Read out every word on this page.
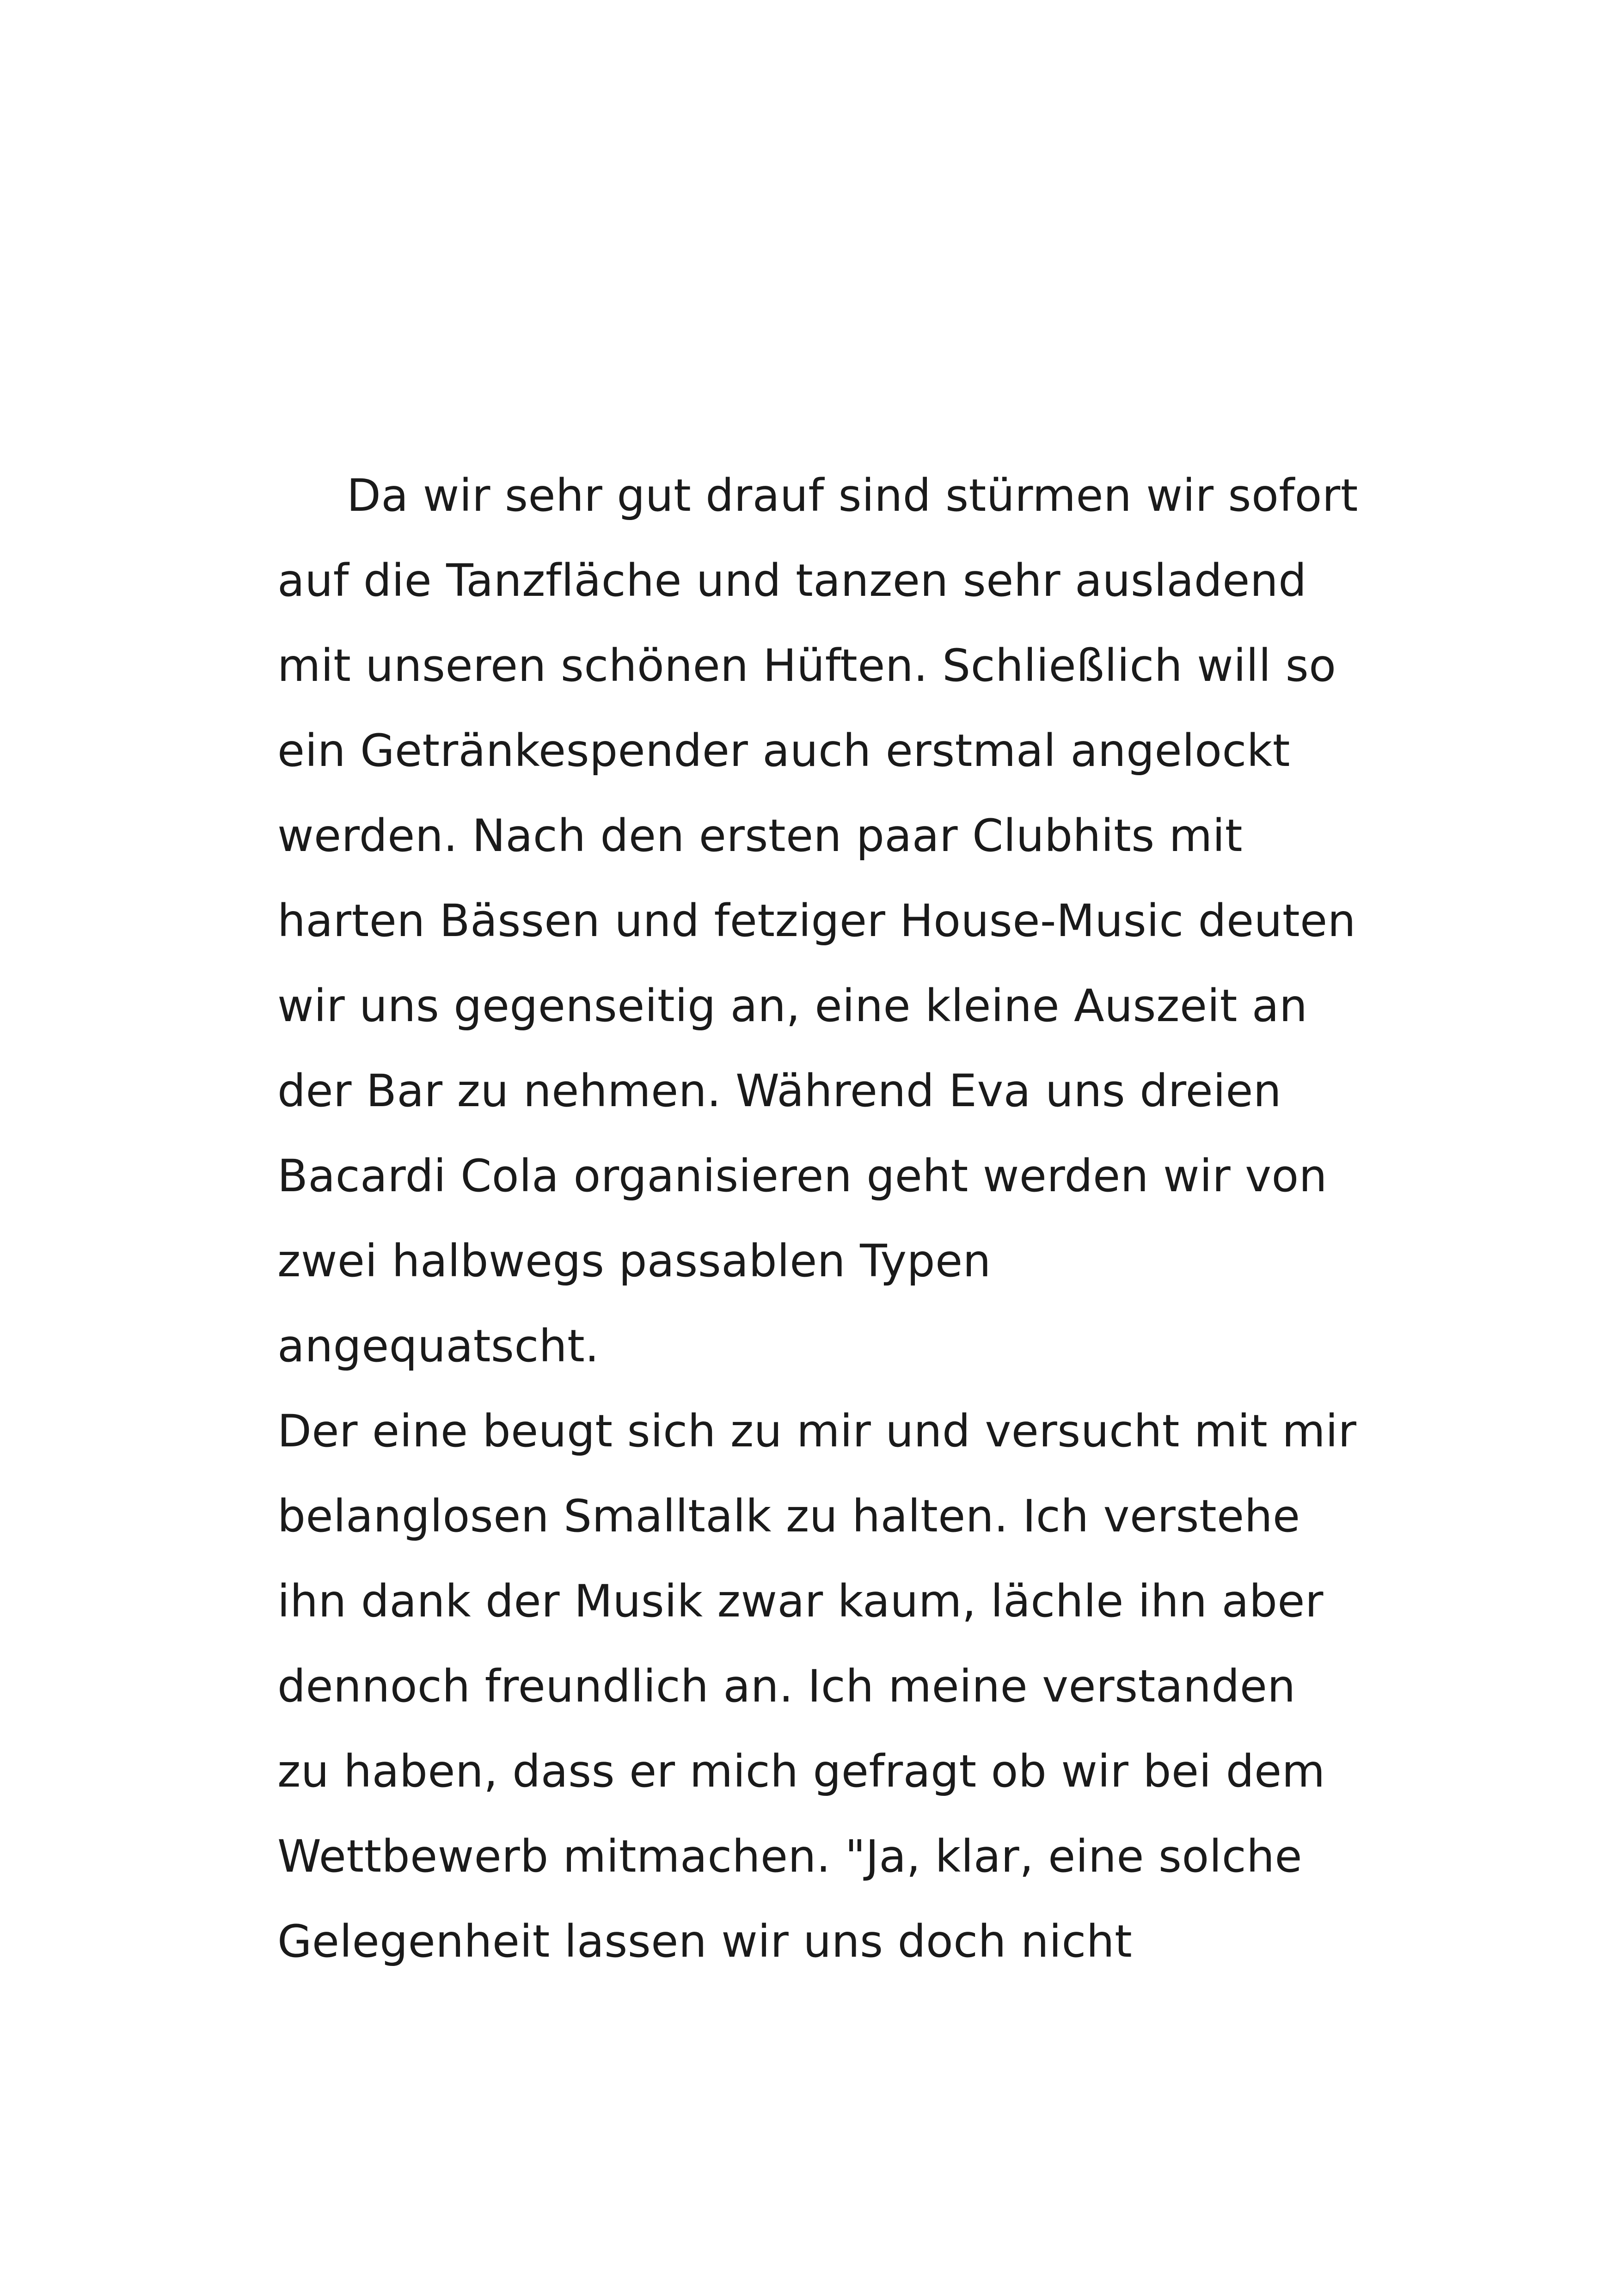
Da wir sehr gut drauf sind stürmen wir sofort
auf die Tanzfläche und tanzen sehr ausladend
mit unseren schönen Hüften. Schließlich will so
ein Getränkespender auch erstmal angelockt
werden. Nach den ersten paar Clubhits mit
harten Bässen und fetziger House-Music deuten
wir uns gegenseitig an, eine kleine Auszeit an
der Bar zu nehmen. Während Eva uns dreien
Bacardi Cola organisieren geht werden wir von
zwei halbwegs passablen Typen
angequatscht.
Der eine beugt sich zu mir und versucht mit mir
belanglosen Smalltalk zu halten. Ich verstehe
ihn dank der Musik zwar kaum, lächle ihn aber
dennoch freundlich an. Ich meine verstanden
zu haben, dass er mich gefragt ob wir bei dem
Wettbewerb mitmachen. "Ja, klar, eine solche
Gelegenheit lassen wir uns doch nicht
